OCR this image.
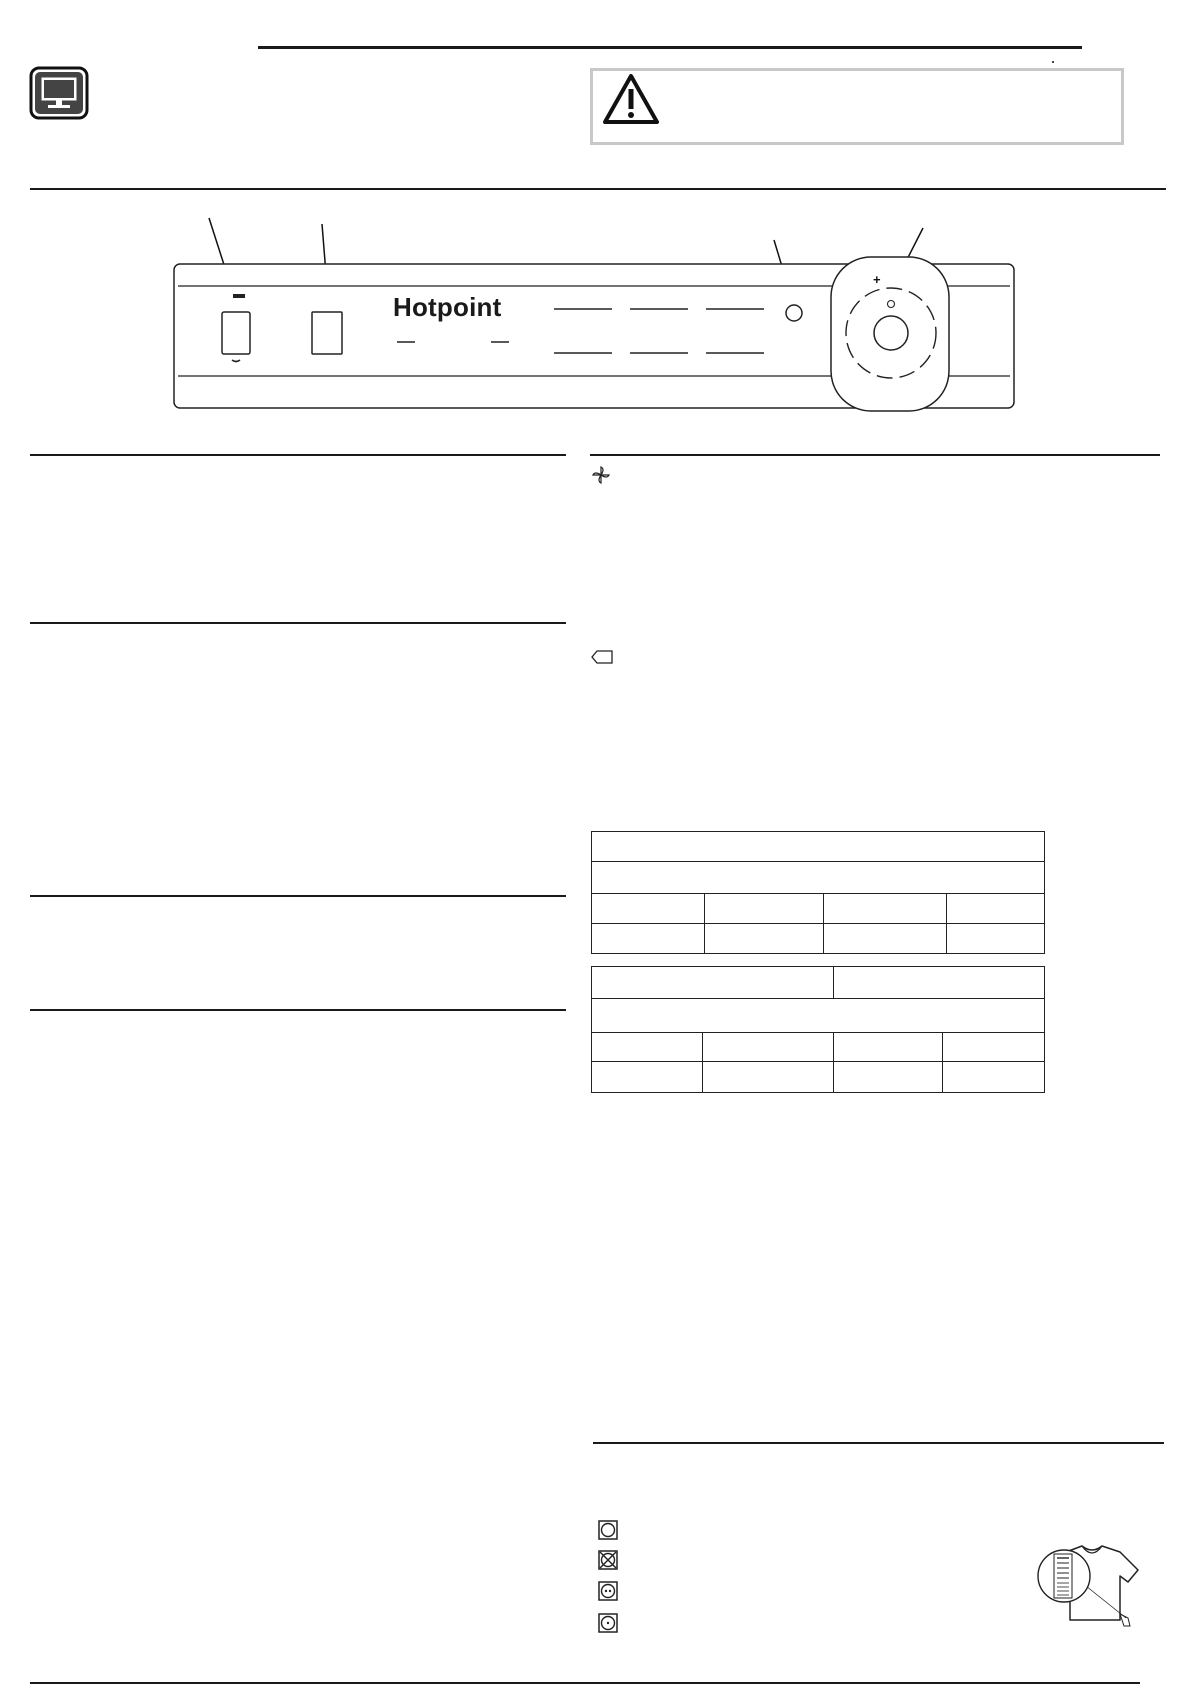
+
Hotpoint
